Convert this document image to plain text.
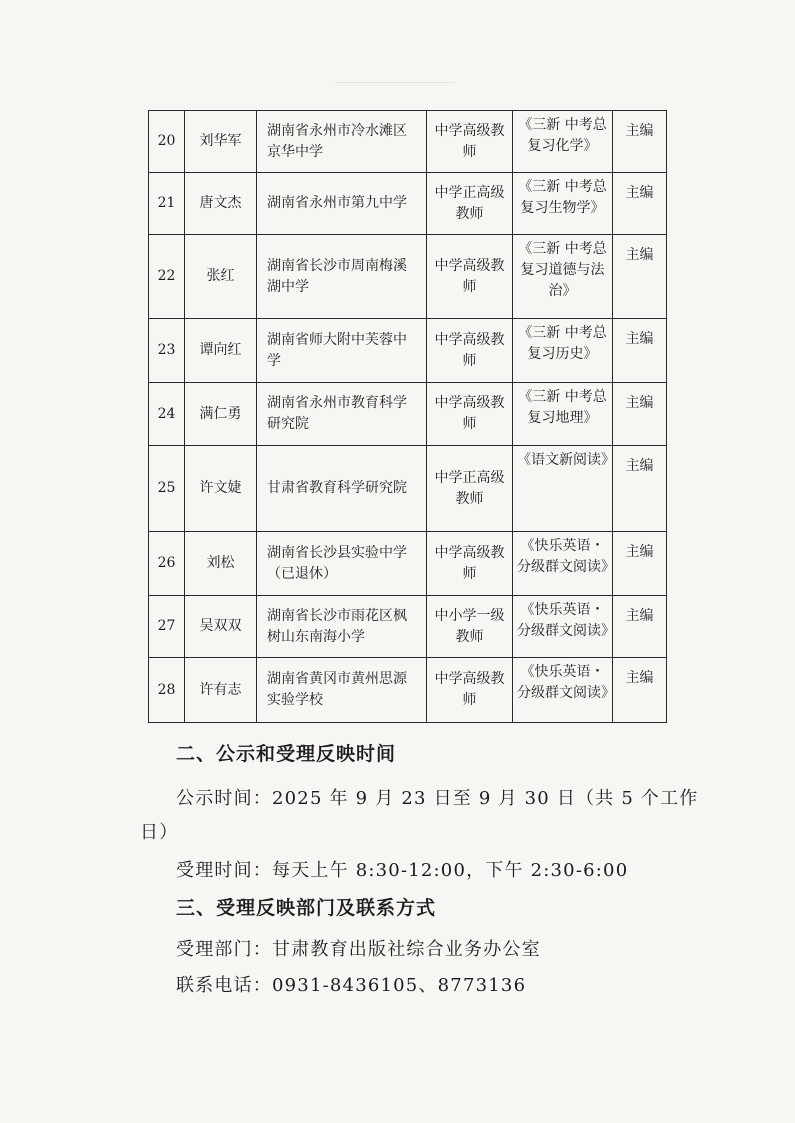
20	刘华军	湖南省永州市冷水滩区京华中学	中学高级教师	《三新 中考总复习化学》	主编
21	唐文杰	湖南省永州市第九中学	中学正高级教师	《三新 中考总复习生物学》	主编
22	张红	湖南省长沙市周南梅溪湖中学	中学高级教师	《三新 中考总复习道德与法治》	主编
23	谭向红	湖南省师大附中芙蓉中学	中学高级教师	《三新 中考总复习历史》	主编
24	满仁勇	湖南省永州市教育科学研究院	中学高级教师	《三新 中考总复习地理》	主编
25	许文婕	甘肃省教育科学研究院	中学正高级教师	《语文新阅读》	主编
26	刘松	湖南省长沙县实验中学（已退休）	中学高级教师	《快乐英语・分级群文阅读》	主编
27	吴双双	湖南省长沙市雨花区枫树山东南海小学	中小学一级教师	《快乐英语・分级群文阅读》	主编
28	许有志	湖南省黄冈市黄州思源实验学校	中学高级教师	《快乐英语・分级群文阅读》	主编
二、公示和受理反映时间
公示时间：2025 年 9 月 23 日至 9 月 30 日（共 5 个工作
日）
受理时间：每天上午 8:30-12:00，下午 2:30-6:00
三、受理反映部门及联系方式
受理部门：甘肃教育出版社综合业务办公室
联系电话：0931-8436105、8773136
